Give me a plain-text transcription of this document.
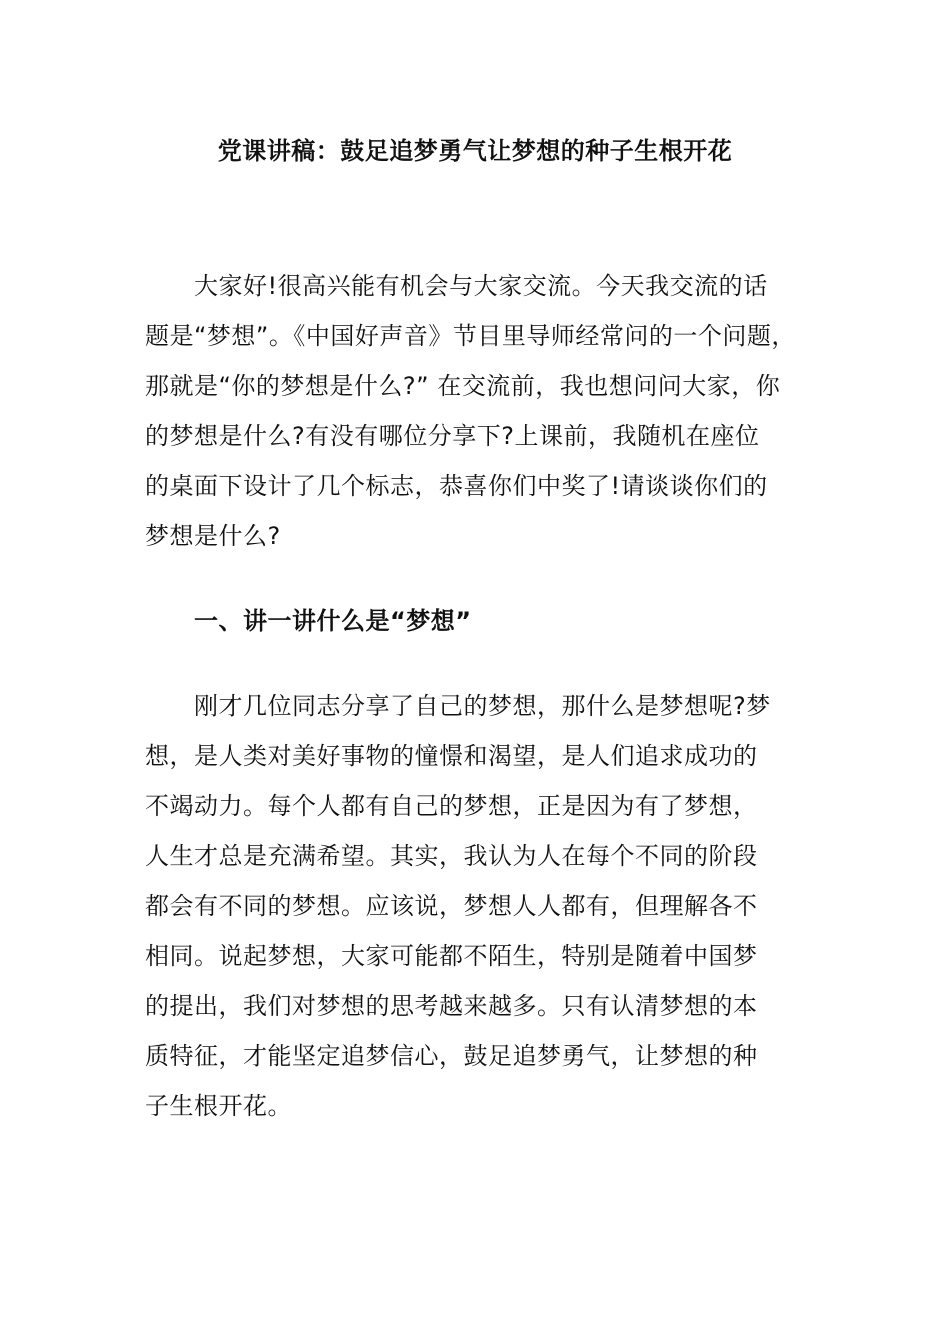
党课讲稿：鼓足追梦勇气让梦想的种子生根开花
大家好!很高兴能有机会与大家交流。今天我交流的话
题是“梦想”。《中国好声音》节目里导师经常问的一个问题，
那就是“你的梦想是什么?” 在交流前，我也想问问大家，你
的梦想是什么?有没有哪位分享下?上课前，我随机在座位
的桌面下设计了几个标志，恭喜你们中奖了!请谈谈你们的
梦想是什么?
一、讲一讲什么是“梦想”
刚才几位同志分享了自己的梦想，那什么是梦想呢?梦
想，是人类对美好事物的憧憬和渴望，是人们追求成功的
不竭动力。每个人都有自己的梦想，正是因为有了梦想，
人生才总是充满希望。其实，我认为人在每个不同的阶段
都会有不同的梦想。应该说，梦想人人都有，但理解各不
相同。说起梦想，大家可能都不陌生，特别是随着中国梦
的提出，我们对梦想的思考越来越多。只有认清梦想的本
质特征，才能坚定追梦信心，鼓足追梦勇气，让梦想的种
子生根开花。
